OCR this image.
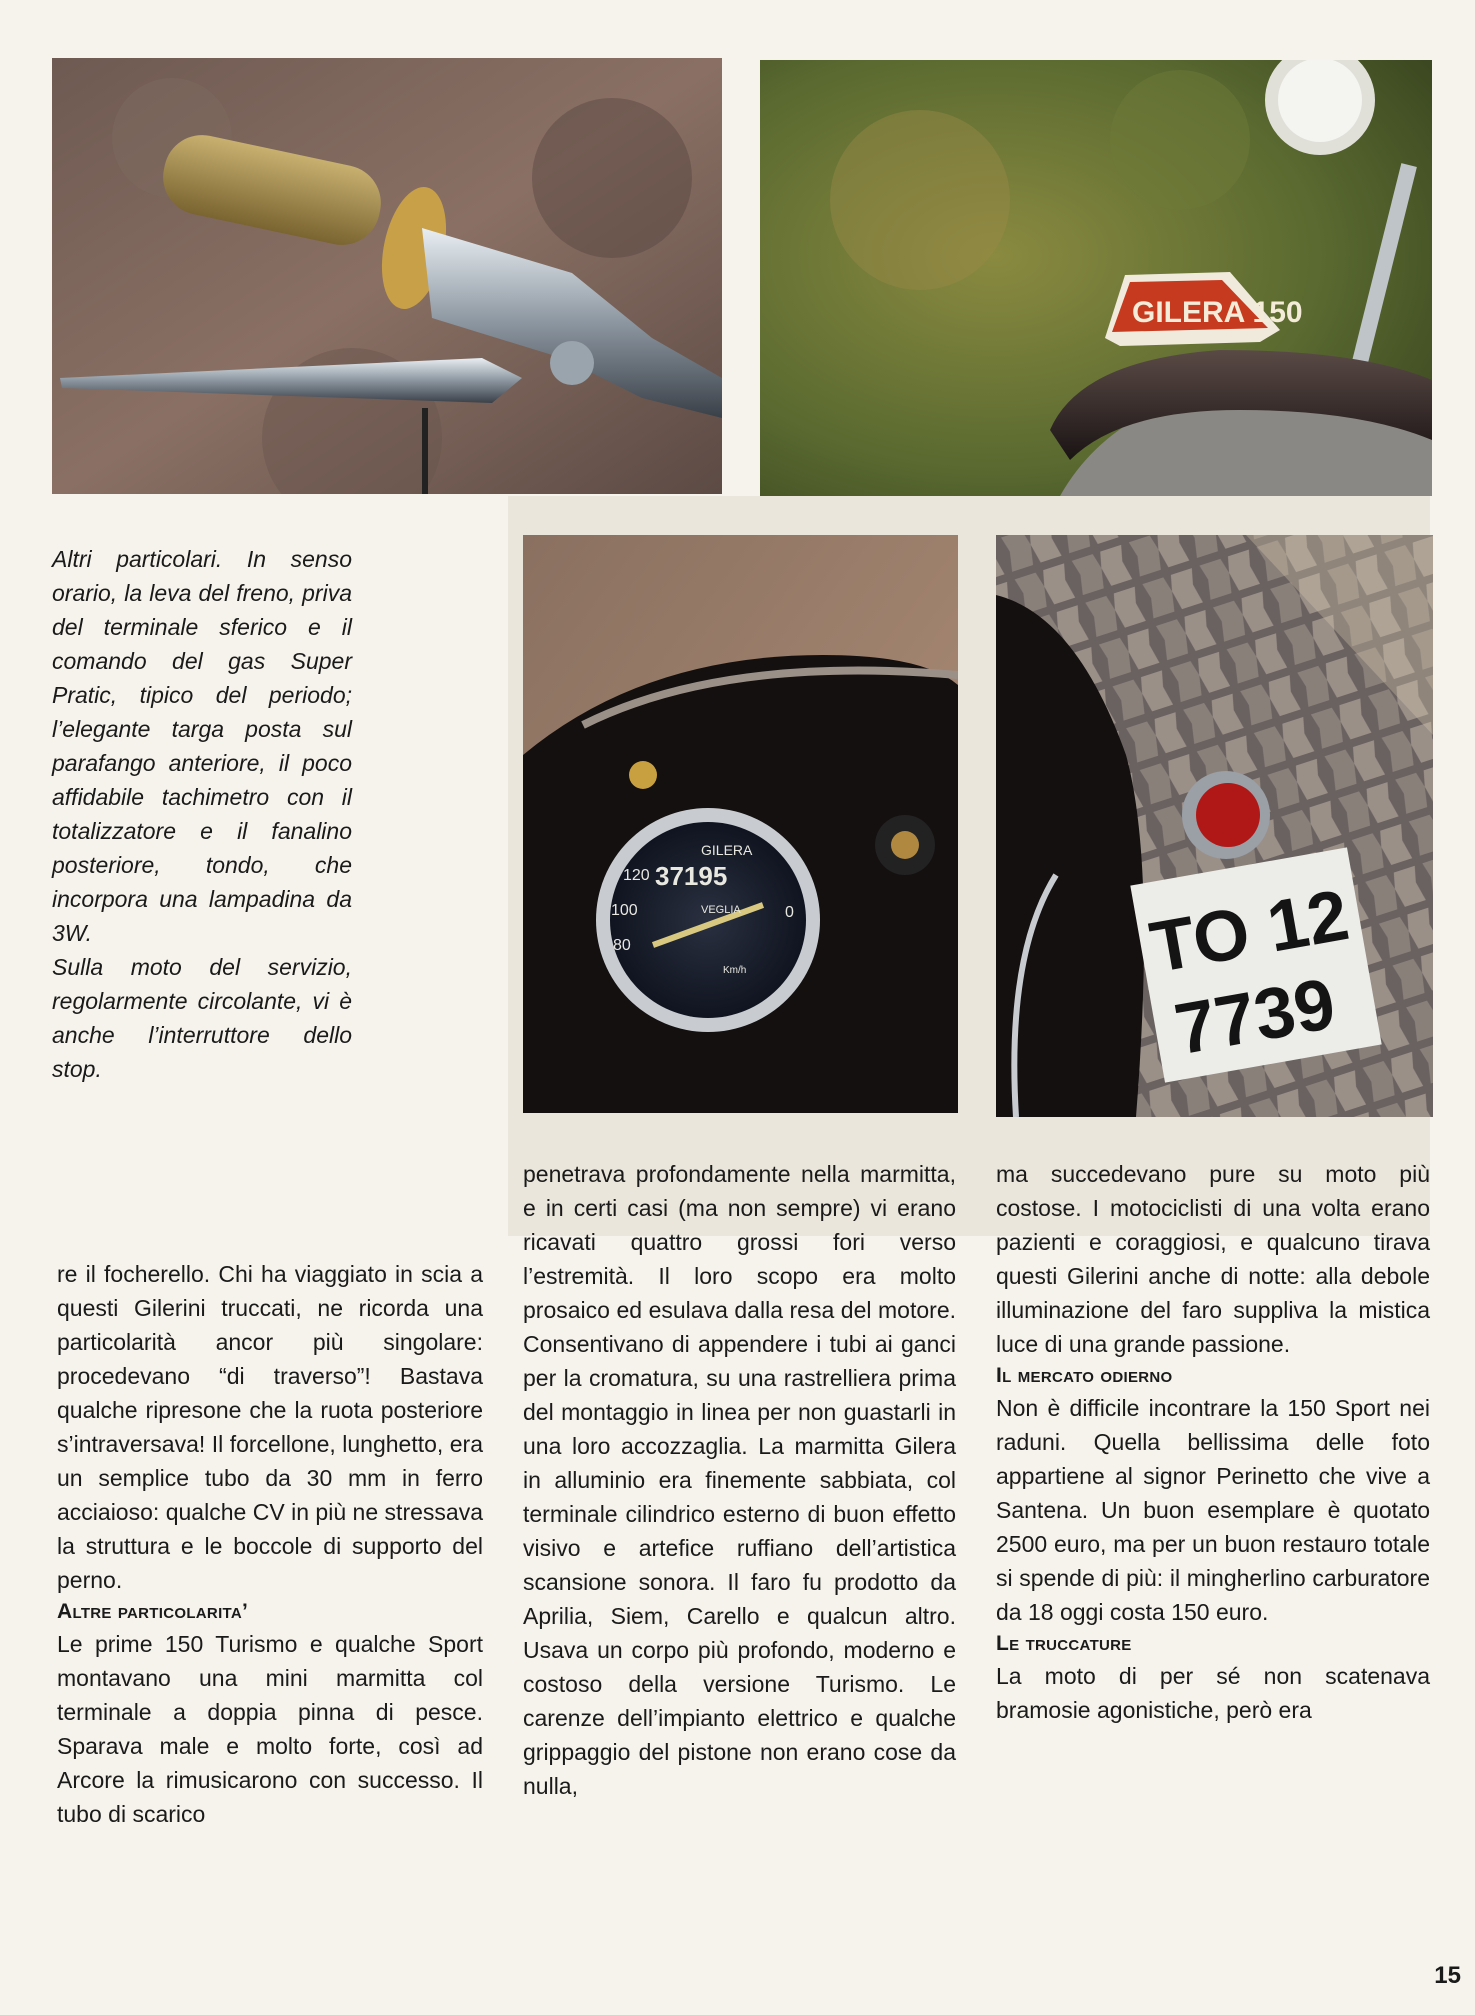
GILERA 150
37195
GILERA
120
100
80
0
VEGLIA
Km/h	TO 12
7739
Altri particolari. In senso orario, la leva del freno, priva del terminale sferico e il comando del gas Super Pratic, tipico del periodo; l’elegante targa posta sul parafango anteriore, il poco affidabile tachimetro con il totalizzatore e il fanalino posteriore, tondo, che incorpora una lampadina da 3W.
Sulla moto del servizio, regolarmente circolante, vi è anche l’interruttore dello stop.

re il focherello. Chi ha viaggiato in scia a questi Gilerini truccati, ne ricorda una particolarità ancor più singolare: procedevano “di traverso”! Bastava qualche ripresone che la ruota posteriore s’intraversava! Il forcellone, lunghetto, era un semplice tubo da 30 mm in ferro acciaioso: qualche CV in più ne stressava la struttura e le boccole di supporto del perno.

Altre particolarita’

Le prime 150 Turismo e qualche Sport montavano una mini marmitta col terminale a doppia pinna di pesce. Sparava male e molto forte, così ad Arcore la rimusicarono con successo. Il tubo di scarico

penetrava profondamente nella marmitta, e in certi casi (ma non sempre) vi erano ricavati quattro grossi fori verso l’estremità. Il loro scopo era molto prosaico ed esulava dalla resa del motore. Consentivano di appendere i tubi ai ganci per la cromatura, su una rastrelliera prima del montaggio in linea per non guastarli in una loro accozzaglia. La marmitta Gilera in alluminio era finemente sabbiata, col terminale cilindrico esterno di buon effetto visivo e artefice ruffiano dell’artistica scansione sonora. Il faro fu prodotto da Aprilia, Siem, Carello e qualcun altro. Usava un corpo più profondo, moderno e costoso della versione Turismo. Le carenze dell’impianto elettrico e qualche grippaggio del pistone non erano cose da nulla,

ma succedevano pure su moto più costose. I motociclisti di una volta erano pazienti e coraggiosi, e qualcuno tirava questi Gilerini anche di notte: alla debole illuminazione del faro suppliva la mistica luce di una grande passione.

Il mercato odierno

Non è difficile incontrare la 150 Sport nei raduni. Quella bellissima delle foto appartiene al signor Perinetto che vive a Santena. Un buon esemplare è quotato 2500 euro, ma per un buon restauro totale si spende di più: il mingherlino carburatore da 18 oggi costa 150 euro.

Le truccature

La moto di per sé non scatenava bramosie agonistiche, però era

15
